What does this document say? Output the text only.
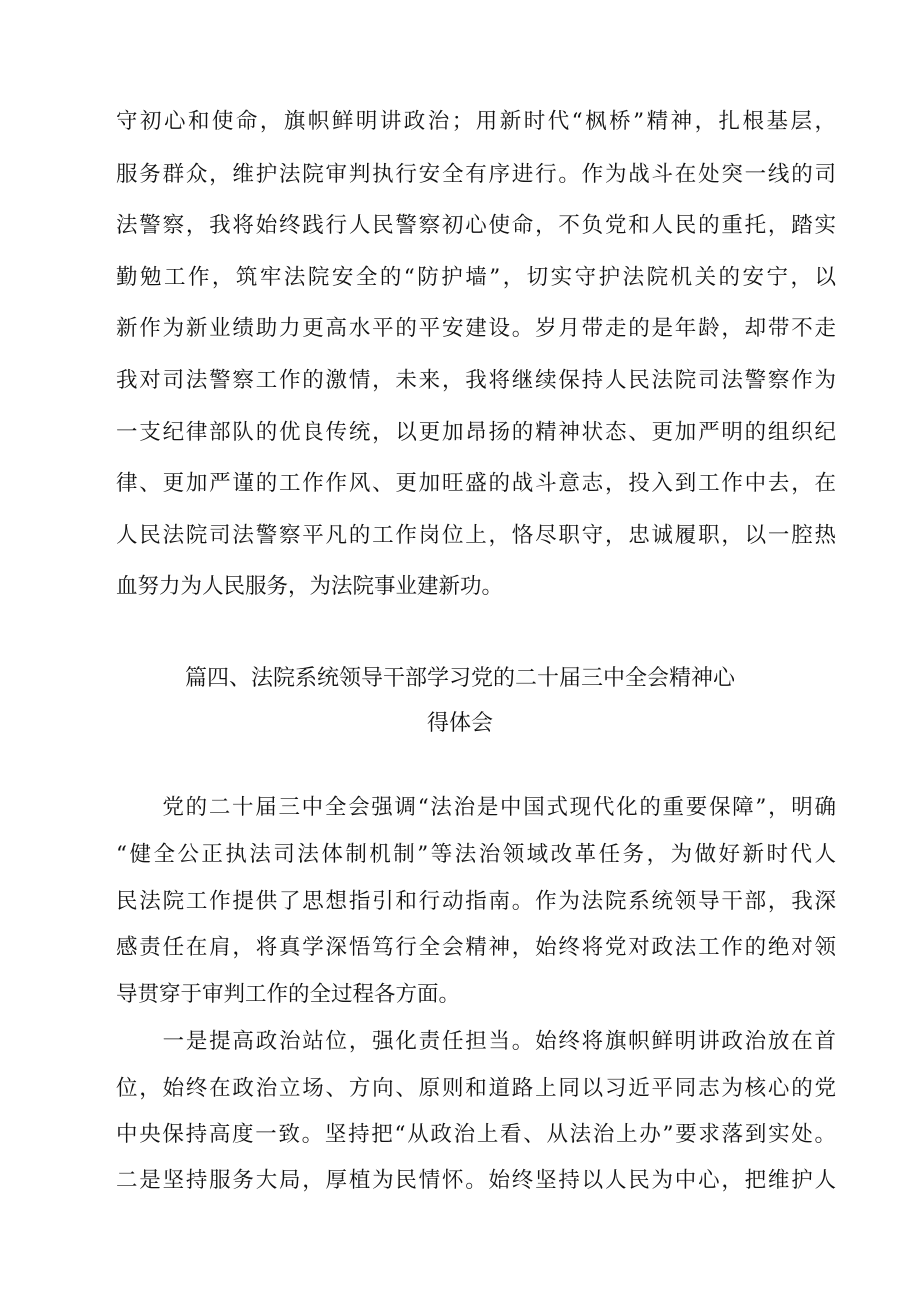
守初心和使命，旗帜鲜明讲政治；用新时代“枫桥”精神，扎根基层，
服务群众，维护法院审判执行安全有序进行。作为战斗在处突一线的司
法警察，我将始终践行人民警察初心使命，不负党和人民的重托，踏实
勤勉工作，筑牢法院安全的“防护墙”，切实守护法院机关的安宁，以
新作为新业绩助力更高水平的平安建设。岁月带走的是年龄，却带不走
我对司法警察工作的激情，未来，我将继续保持人民法院司法警察作为
一支纪律部队的优良传统，以更加昂扬的精神状态、更加严明的组织纪
律、更加严谨的工作作风、更加旺盛的战斗意志，投入到工作中去，在
人民法院司法警察平凡的工作岗位上，恪尽职守，忠诚履职，以一腔热
血努力为人民服务，为法院事业建新功。
篇四、法院系统领导干部学习党的二十届三中全会精神心
得体会
　　党的二十届三中全会强调“法治是中国式现代化的重要保障”，明确
“健全公正执法司法体制机制”等法治领域改革任务，为做好新时代人
民法院工作提供了思想指引和行动指南。作为法院系统领导干部，我深
感责任在肩，将真学深悟笃行全会精神，始终将党对政法工作的绝对领
导贯穿于审判工作的全过程各方面。
　　一是提高政治站位，强化责任担当。始终将旗帜鲜明讲政治放在首
位，始终在政治立场、方向、原则和道路上同以习近平同志为核心的党
中央保持高度一致。坚持把“从政治上看、从法治上办”要求落到实处。
二是坚持服务大局，厚植为民情怀。始终坚持以人民为中心，把维护人
